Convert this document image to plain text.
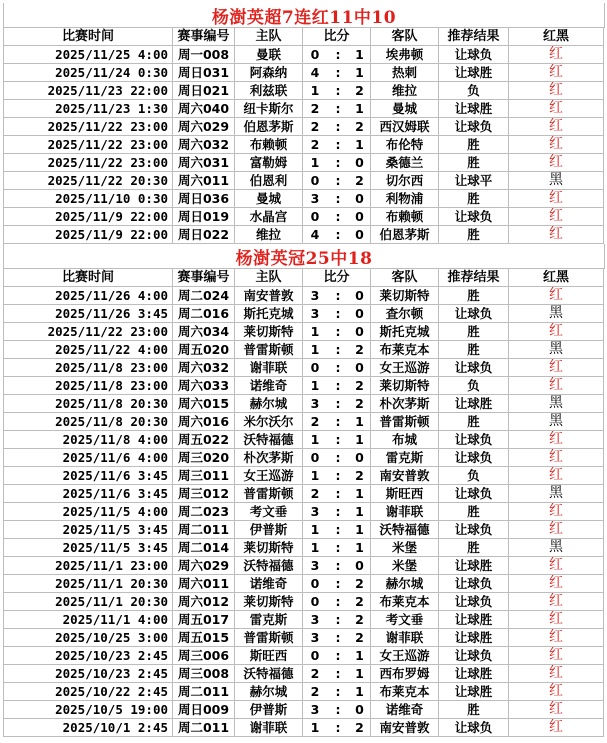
杨澍英超7连红11中10
比赛时间	赛事编号	主队	比分	客队	推荐结果	红黑
2025/11/25 4:00 周一008	曼联	0	:	1	埃弗顿	让球负	红
2025/11/24 0:30 周日031	阿森纳	4	:	1	热刺	让球胜	红
2025/11/23 22:00 周日021	利兹联	1	:	2	维拉	负	红
2025/11/23 1:30 周六040	纽卡斯尔	2	:	1	曼城	让球胜	红
2025/11/22 23:00 周六029	伯恩茅斯	2	:	2	西汉姆联	让球负	红
2025/11/22 23:00 周六032	布赖顿	2	:	1	布伦特	胜	红
2025/11/22 23:00 周六031	富勒姆	1	:	0	桑德兰	胜	红
2025/11/22 20:30 周六011	伯恩利	0	:	2	切尔西	让球平	黑
2025/11/10 0:30 周日036	曼城	3	:	0	利物浦	胜	红
2025/11/9 22:00 周日019	水晶宫	0	:	0	布赖顿	让球负	红
2025/11/9 22:00 周日022	维拉	4	:	0	伯恩茅斯	胜	红
杨澍英冠25中18
比赛时间	赛事编号	主队	比分	客队	推荐结果	红黑
2025/11/26 4:00 周二024	南安普敦	3	:	0	莱切斯特	胜	红
2025/11/26 3:45 周二016	斯托克城	3	:	0	查尔顿	让球负	黑
2025/11/22 23:00 周六034	莱切斯特	1	:	0	斯托克城	胜	红
2025/11/22 4:00 周五020	普雷斯顿	1	:	2	布莱克本	胜	黑
2025/11/8 23:00 周六032	谢菲联	0	:	0	女王巡游	让球负	红
2025/11/8 23:00 周六033	诺维奇	1	:	2	莱切斯特	负	红
2025/11/8 20:30 周六015	赫尔城	3	:	2	朴次茅斯	让球胜	黑
2025/11/8 20:30 周六016	米尔沃尔	2	:	1	普雷斯顿	胜	黑
2025/11/8 4:00 周五022	沃特福德	1	:	1	布城	让球负	红
2025/11/6 4:00 周三020	朴次茅斯	0	:	0	雷克斯	让球负	红
2025/11/6 3:45 周三011	女王巡游	1	:	2	南安普敦	负	红
2025/11/6 3:45 周三012	普雷斯顿	2	:	1	斯旺西	让球负	黑
2025/11/5 4:00 周二023	考文垂	3	:	1	谢菲联	胜	红
2025/11/5 3:45 周二011	伊普斯	1	:	1	沃特福德	让球负	红
2025/11/5 3:45 周二014	莱切斯特	1	:	1	米堡	胜	黑
2025/11/1 23:00 周六029	沃特福德	3	:	0	米堡	让球胜	红
2025/11/1 20:30 周六011	诺维奇	0	:	2	赫尔城	让球负	红
2025/11/1 20:30 周六012	莱切斯特	0	:	2	布莱克本	让球负	红
2025/11/1 4:00 周五017	雷克斯	3	:	2	考文垂	让球胜	红
2025/10/25 3:00 周五015	普雷斯顿	3	:	2	谢菲联	让球胜	红
2025/10/23 2:45 周三006	斯旺西	0	:	1	女王巡游	让球负	红
2025/10/23 2:45 周三008	沃特福德	2	:	1	西布罗姆	让球胜	红
2025/10/22 2:45 周二011	赫尔城	2	:	1	布莱克本	让球胜	红
2025/10/5 19:00 周日009	伊普斯	3	:	0	诺维奇	胜	红
2025/10/1 2:45 周二011	谢菲联	1	:	2	南安普敦	让球负	红
